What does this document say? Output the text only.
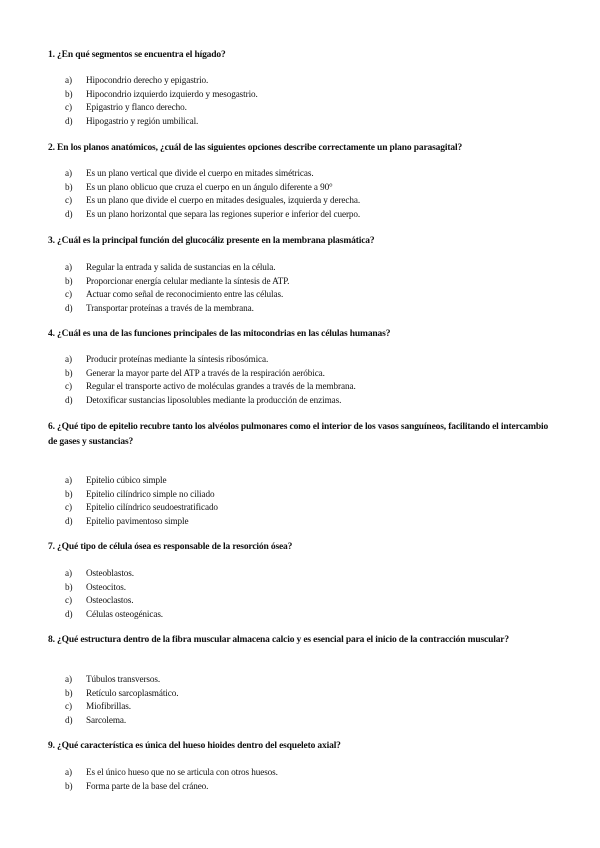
1. ¿En qué segmentos se encuentra el hígado?
a)	Hipocondrio derecho y epigastrio.
b)	Hipocondrio izquierdo izquierdo y mesogastrio.
c)	Epigastrio y flanco derecho.
d)	Hipogastrio y región umbilical.
2. En los planos anatómicos, ¿cuál de las siguientes opciones describe correctamente un plano parasagital?
a)	Es un plano vertical que divide el cuerpo en mitades simétricas.
b)	Es un plano oblicuo que cruza el cuerpo en un ángulo diferente a 90°
c)	Es un plano que divide el cuerpo en mitades desiguales, izquierda y derecha.
d)	Es un plano horizontal que separa las regiones superior e inferior del cuerpo.
3. ¿Cuál es la principal función del glucocáliz presente en la membrana plasmática?
a)	Regular la entrada y salida de sustancias en la célula.
b)	Proporcionar energía celular mediante la síntesis de ATP.
c)	Actuar como señal de reconocimiento entre las células.
d)	Transportar proteínas a través de la membrana.
4. ¿Cuál es una de las funciones principales de las mitocondrias en las células humanas?
a)	Producir proteínas mediante la síntesis ribosómica.
b)	Generar la mayor parte del ATP a través de la respiración aeróbica.
c)	Regular el transporte activo de moléculas grandes a través de la membrana.
d)	Detoxificar sustancias liposolubles mediante la producción de enzimas.
6. ¿Qué tipo de epitelio recubre tanto los alvéolos pulmonares como el interior de los vasos sanguíneos, facilitando el intercambio de gases y sustancias?
a)	Epitelio cúbico simple
b)	Epitelio cilíndrico simple no ciliado
c)	Epitelio cilíndrico seudoestratificado
d)	Epitelio pavimentoso simple
7. ¿Qué tipo de célula ósea es responsable de la resorción ósea?
a)	Osteoblastos.
b)	Osteocitos.
c)	Osteoclastos.
d)	Células osteogénicas.
8. ¿Qué estructura dentro de la fibra muscular almacena calcio y es esencial para el inicio de la contracción muscular?
a)	Túbulos transversos.
b)	Retículo sarcoplasmático.
c)	Miofibrillas.
d)	Sarcolema.
9. ¿Qué característica es única del hueso hioides dentro del esqueleto axial?
a)	Es el único hueso que no se articula con otros huesos.
b)	Forma parte de la base del cráneo.
